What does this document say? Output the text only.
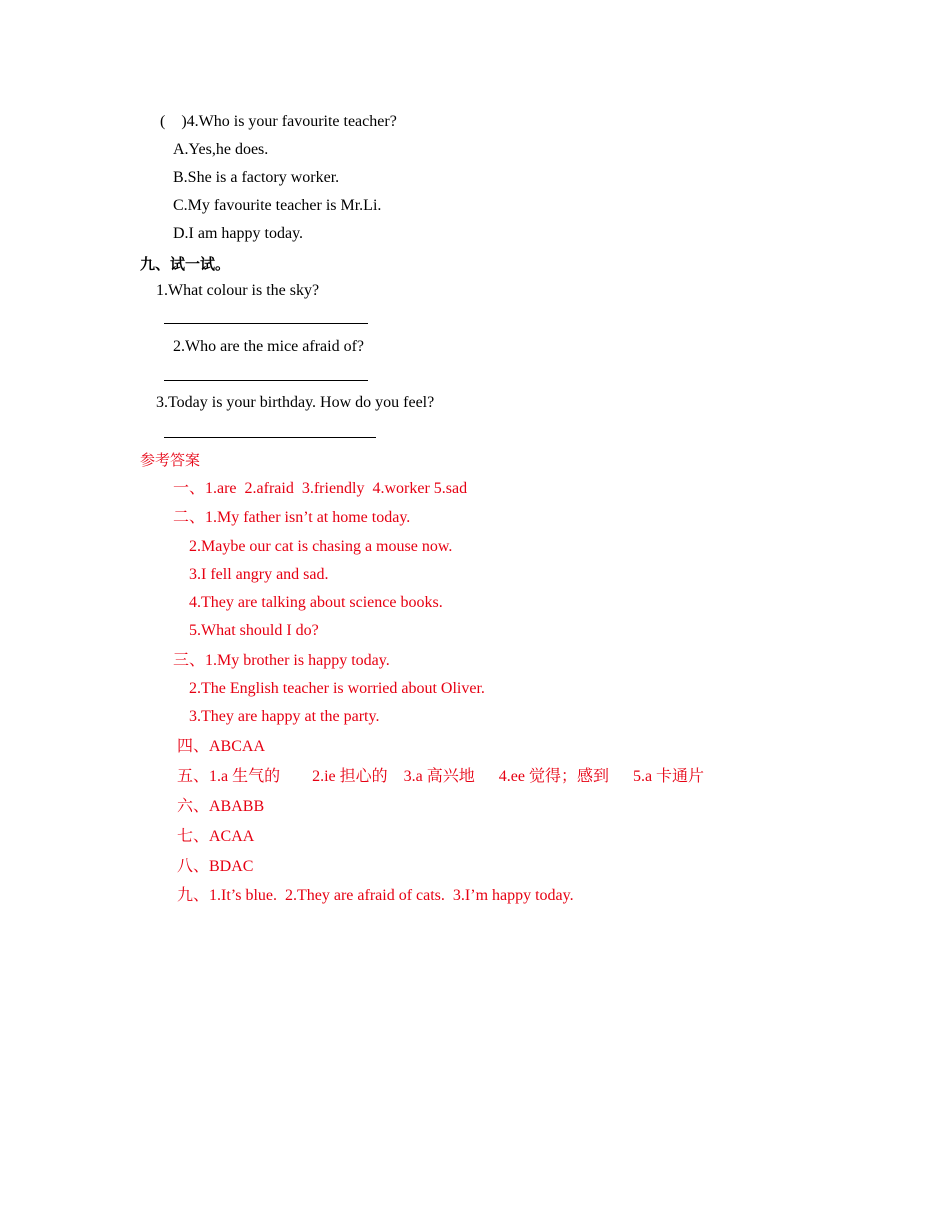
(    )4.Who is your favourite teacher?
A.Yes,he does.
B.She is a factory worker.
C.My favourite teacher is Mr.Li.
D.I am happy today.
九、试一试。
1.What colour is the sky?
2.Who are the mice afraid of?
3.Today is your birthday. How do you feel?
参考答案
一、1.are  2.afraid  3.friendly  4.worker 5.sad
二、1.My father isn’t at home today.
2.Maybe our cat is chasing a mouse now.
3.I fell angry and sad.
4.They are talking about science books.
5.What should I do?
三、1.My brother is happy today.
2.The English teacher is worried about Oliver.
3.They are happy at the party.
四、ABCAA
五、1.a 生气的        2.ie 担心的    3.a 高兴地      4.ee 觉得；感到      5.a 卡通片
六、ABABB
七、ACAA
八、BDAC
九、1.It’s blue.  2.They are afraid of cats.  3.I’m happy today.
